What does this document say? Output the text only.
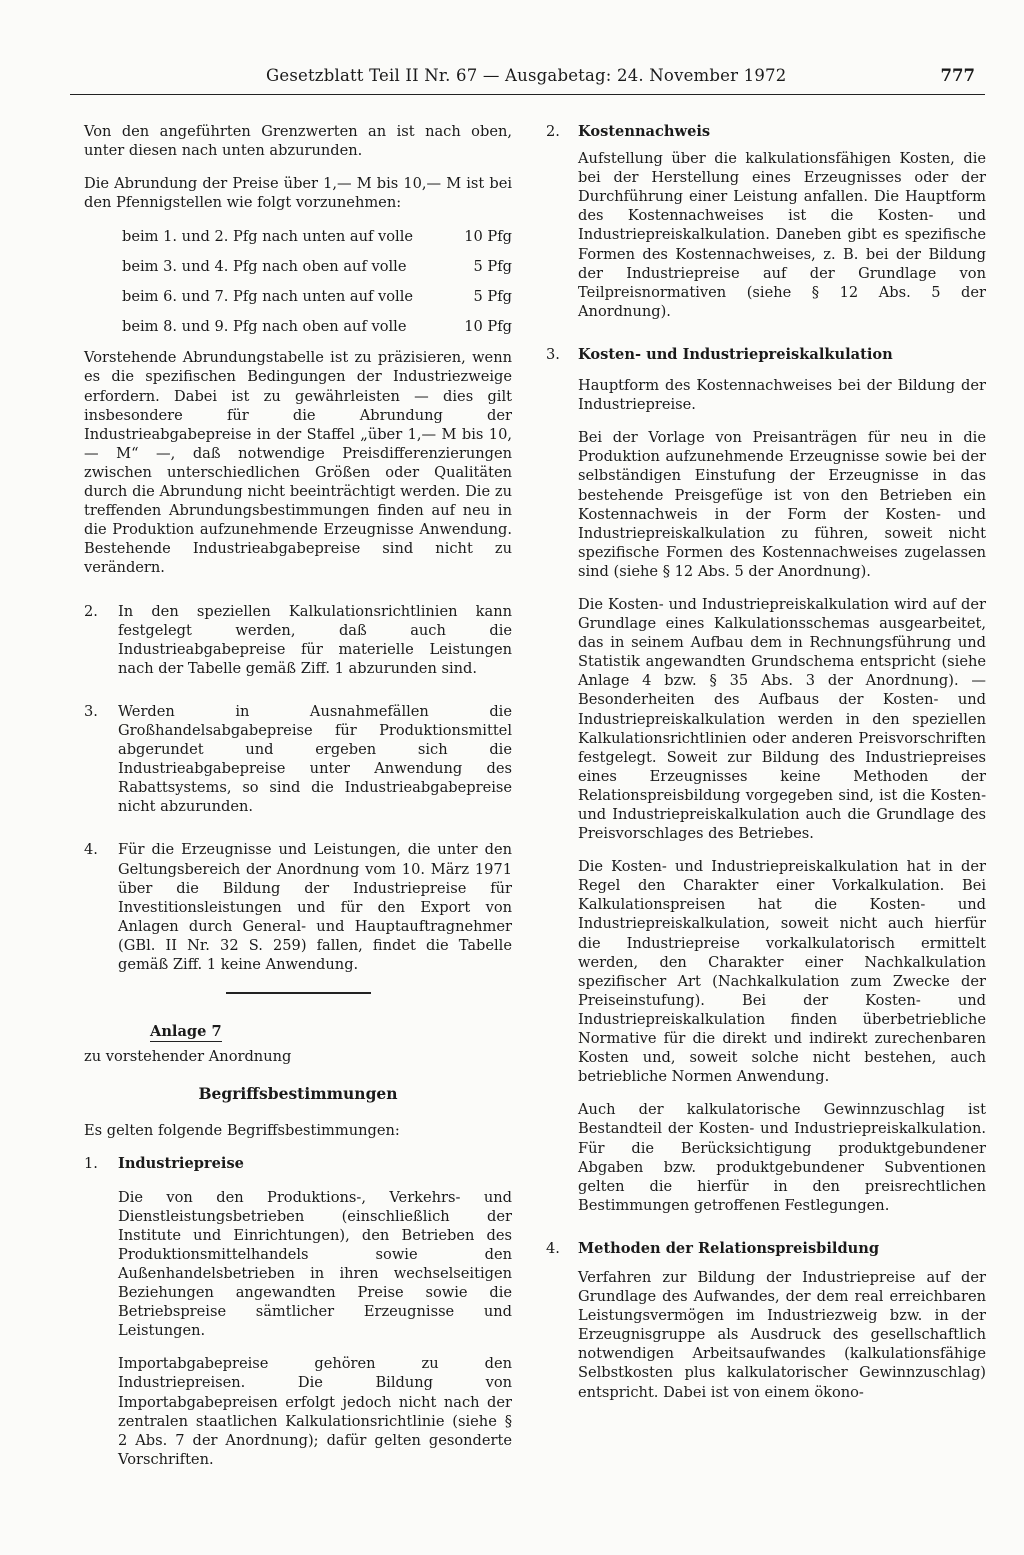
Gesetzblatt Teil II Nr. 67 — Ausgabetag: 24. November 1972	777

Von den angeführten Grenzwerten an ist nach oben, unter diesen nach unten abzurunden.

Die Abrundung der Preise über 1,— M bis 10,— M ist bei den Pfennigstellen wie folgt vorzunehmen:

beim 1. und 2. Pfg nach unten auf volle	10 Pfg
beim 3. und 4. Pfg nach oben auf volle	5 Pfg
beim 6. und 7. Pfg nach unten auf volle	5 Pfg
beim 8. und 9. Pfg nach oben auf volle	10 Pfg

Vorstehende Abrundungstabelle ist zu präzisieren, wenn es die spezifischen Bedingungen der Industriezweige erfordern. Dabei ist zu gewährleisten — dies gilt insbesondere für die Abrundung der Industrieabgabepreise in der Staffel „über 1,— M bis 10,— M“ —, daß notwendige Preisdifferenzierungen zwischen unterschiedlichen Größen oder Qualitäten durch die Abrundung nicht beeinträchtigt werden. Die zu treffenden Abrundungsbestimmungen finden auf neu in die Produktion aufzunehmende Erzeugnisse Anwendung. Bestehende Industrieabgabepreise sind nicht zu verändern.

2. In den speziellen Kalkulationsrichtlinien kann festgelegt werden, daß auch die Industrieabgabepreise für materielle Leistungen nach der Tabelle gemäß Ziff. 1 abzurunden sind.

3. Werden in Ausnahmefällen die Großhandelsabgabepreise für Produktionsmittel abgerundet und ergeben sich die Industrieabgabepreise unter Anwendung des Rabattsystems, so sind die Industrieabgabepreise nicht abzurunden.

4. Für die Erzeugnisse und Leistungen, die unter den Geltungsbereich der Anordnung vom 10. März 1971 über die Bildung der Industriepreise für Investitionsleistungen und für den Export von Anlagen durch General- und Hauptauftragnehmer (GBl. II Nr. 32 S. 259) fallen, findet die Tabelle gemäß Ziff. 1 keine Anwendung.

Anlage 7
zu vorstehender Anordnung
Begriffsbestimmungen

Es gelten folgende Begriffsbestimmungen:

1. Industriepreise

Die von den Produktions-, Verkehrs- und Dienstleistungsbetrieben (einschließlich der Institute und Einrichtungen), den Betrieben des Produktionsmittelhandels sowie den Außenhandelsbetrieben in ihren wechselseitigen Beziehungen angewandten Preise sowie die Betriebspreise sämtlicher Erzeugnisse und Leistungen.

Importabgabepreise gehören zu den Industriepreisen. Die Bildung von Importabgabepreisen erfolgt jedoch nicht nach der zentralen staatlichen Kalkulationsrichtlinie (siehe § 2 Abs. 7 der Anordnung); dafür gelten gesonderte Vorschriften.

2. Kostennachweis

Aufstellung über die kalkulationsfähigen Kosten, die bei der Herstellung eines Erzeugnisses oder der Durchführung einer Leistung anfallen. Die Hauptform des Kostennachweises ist die Kosten- und Industriepreiskalkulation. Daneben gibt es spezifische Formen des Kostennachweises, z. B. bei der Bildung der Industriepreise auf der Grundlage von Teilpreisnormativen (siehe § 12 Abs. 5 der Anordnung).

3. Kosten- und Industriepreiskalkulation

Hauptform des Kostennachweises bei der Bildung der Industriepreise.

Bei der Vorlage von Preisanträgen für neu in die Produktion aufzunehmende Erzeugnisse sowie bei der selbständigen Einstufung der Erzeugnisse in das bestehende Preisgefüge ist von den Betrieben ein Kostennachweis in der Form der Kosten- und Industriepreiskalkulation zu führen, soweit nicht spezifische Formen des Kostennachweises zugelassen sind (siehe § 12 Abs. 5 der Anordnung).

Die Kosten- und Industriepreiskalkulation wird auf der Grundlage eines Kalkulationsschemas ausgearbeitet, das in seinem Aufbau dem in Rechnungsführung und Statistik angewandten Grundschema entspricht (siehe Anlage 4 bzw. § 35 Abs. 3 der Anordnung). — Besonderheiten des Aufbaus der Kosten- und Industriepreiskalkulation werden in den speziellen Kalkulationsrichtlinien oder anderen Preisvorschriften festgelegt. Soweit zur Bildung des Industriepreises eines Erzeugnisses keine Methoden der Relationspreisbildung vorgegeben sind, ist die Kosten- und Industriepreiskalkulation auch die Grundlage des Preisvorschlages des Betriebes.

Die Kosten- und Industriepreiskalkulation hat in der Regel den Charakter einer Vorkalkulation. Bei Kalkulationspreisen hat die Kosten- und Industriepreiskalkulation, soweit nicht auch hierfür die Industriepreise vorkalkulatorisch ermittelt werden, den Charakter einer Nachkalkulation spezifischer Art (Nachkalkulation zum Zwecke der Preiseinstufung). Bei der Kosten- und Industriepreiskalkulation finden überbetriebliche Normative für die direkt und indirekt zurechenbaren Kosten und, soweit solche nicht bestehen, auch betriebliche Normen Anwendung.

Auch der kalkulatorische Gewinnzuschlag ist Bestandteil der Kosten- und Industriepreiskalkulation. Für die Berücksichtigung produktgebundener Abgaben bzw. produktgebundener Subventionen gelten die hierfür in den preisrechtlichen Bestimmungen getroffenen Festlegungen.

4. Methoden der Relationspreisbildung

Verfahren zur Bildung der Industriepreise auf der Grundlage des Aufwandes, der dem real erreichbaren Leistungsvermögen im Industriezweig bzw. in der Erzeugnisgruppe als Ausdruck des gesellschaftlich notwendigen Arbeitsaufwandes (kalkulationsfähige Selbstkosten plus kalkulatorischer Gewinnzuschlag) entspricht. Dabei ist von einem ökono-
